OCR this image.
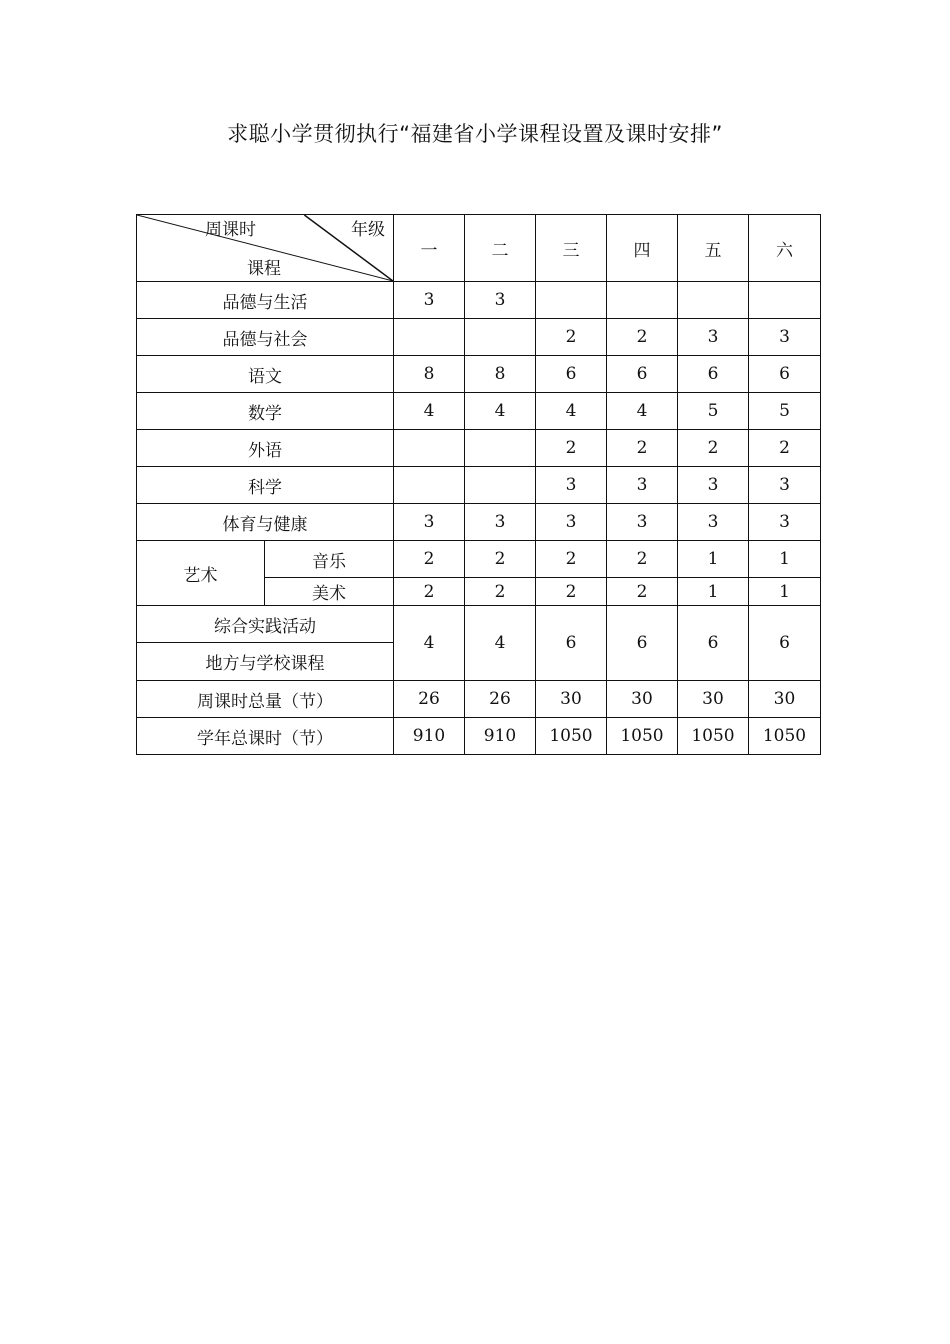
求聪小学贯彻执行“福建省小学课程设置及课时安排”
周课时 年级
课程		一	二	三	四	五	六
品德与生活		3	3				
品德与社会				2	2	3	3
语文		8	8	6	6	6	6
数学		4	4	4	4	5	5
外语				2	2	2	2
科学				3	3	3	3
体育与健康		3	3	3	3	3	3
艺术	音乐	2	2	2	2	1	1
	美术	2	2	2	2	1	1
综合实践活动		4	4	6	6	6	6
地方与学校课程							
周课时总量（节）		26	26	30	30	30	30
学年总课时（节）		910	910	1050	1050	1050	1050
